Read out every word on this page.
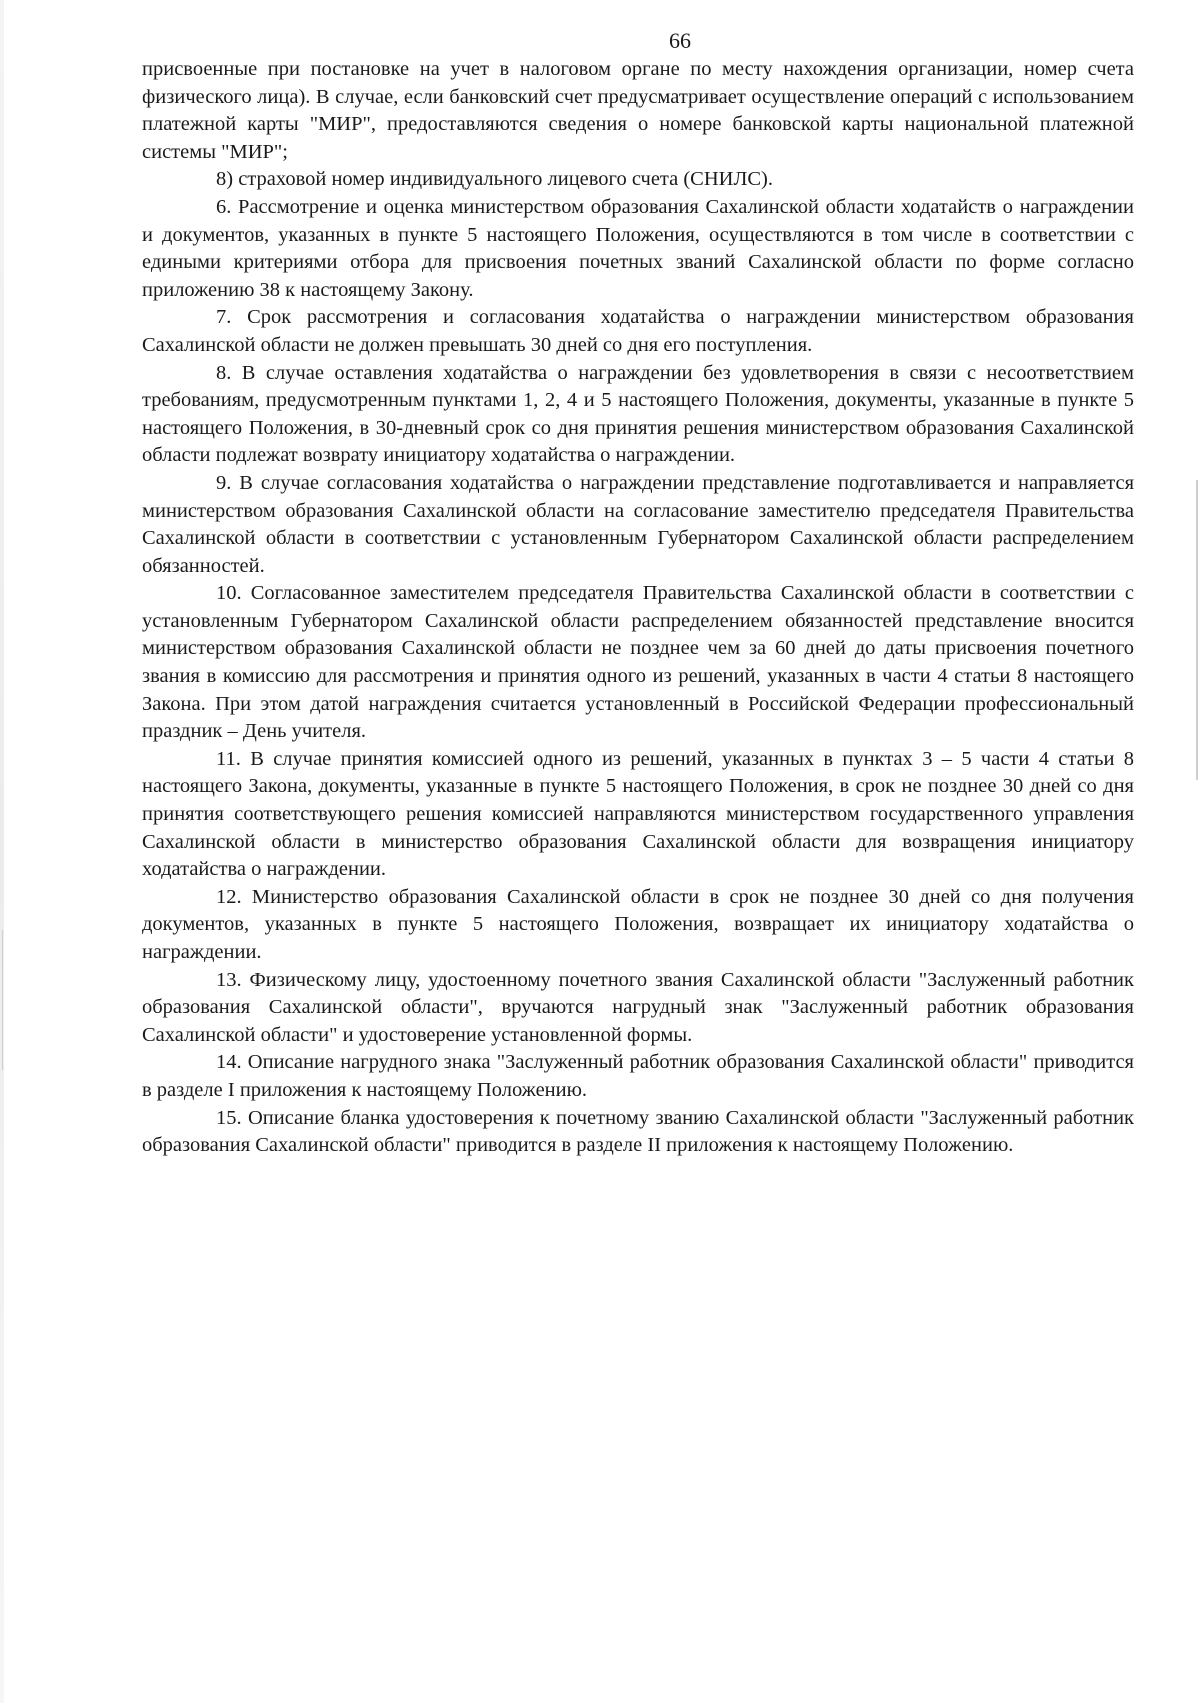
66

присвоенные при постановке на учет в налоговом органе по месту нахождения организации, номер счета физического лица). В случае, если банковский счет предусматривает осуществление операций с использованием платежной карты "МИР", предоставляются сведения о номере банковской карты национальной платежной системы "МИР";

8) страховой номер индивидуального лицевого счета (СНИЛС).

6. Рассмотрение и оценка министерством образования Сахалинской области ходатайств о награждении и документов, указанных в пункте 5 настоящего Положения, осуществляются в том числе в соответствии с едиными критериями отбора для присвоения почетных званий Сахалинской области по форме согласно приложению 38 к настоящему Закону.

7. Срок рассмотрения и согласования ходатайства о награждении министерством образования Сахалинской области не должен превышать 30 дней со дня его поступления.

8. В случае оставления ходатайства о награждении без удовлетворения в связи с несоответствием требованиям, предусмотренным пунктами 1, 2, 4 и 5 настоящего Положения, документы, указанные в пункте 5 настоящего Положения, в 30-дневный срок со дня принятия решения министерством образования Сахалинской области подлежат возврату инициатору ходатайства о награждении.

9. В случае согласования ходатайства о награждении представление подготавливается и направляется министерством образования Сахалинской области на согласование заместителю председателя Правительства Сахалинской области в соответствии с установленным Губернатором Сахалинской области распределением обязанностей.

10. Согласованное заместителем председателя Правительства Сахалинской области в соответствии с установленным Губернатором Сахалинской области распределением обязанностей представление вносится министерством образования Сахалинской области не позднее чем за 60 дней до даты присвоения почетного звания в комиссию для рассмотрения и принятия одного из решений, указанных в части 4 статьи 8 настоящего Закона. При этом датой награждения считается установленный в Российской Федерации профессиональный праздник – День учителя.

11. В случае принятия комиссией одного из решений, указанных в пунктах 3 – 5 части 4 статьи 8 настоящего Закона, документы, указанные в пункте 5 настоящего Положения, в срок не позднее 30 дней со дня принятия соответствующего решения комиссией направляются министерством государственного управления Сахалинской области в министерство образования Сахалинской области для возвращения инициатору ходатайства о награждении.

12. Министерство образования Сахалинской области в срок не позднее 30 дней со дня получения документов, указанных в пункте 5 настоящего Положения, возвращает их инициатору ходатайства о награждении.

13. Физическому лицу, удостоенному почетного звания Сахалинской области "Заслуженный работник образования Сахалинской области", вручаются нагрудный знак "Заслуженный работник образования Сахалинской области" и удостоверение установленной формы.

14. Описание нагрудного знака "Заслуженный работник образования Сахалинской области" приводится в разделе I приложения к настоящему Положению.

15. Описание бланка удостоверения к почетному званию Сахалинской области "Заслуженный работник образования Сахалинской области" приводится в разделе II приложения к настоящему Положению.
